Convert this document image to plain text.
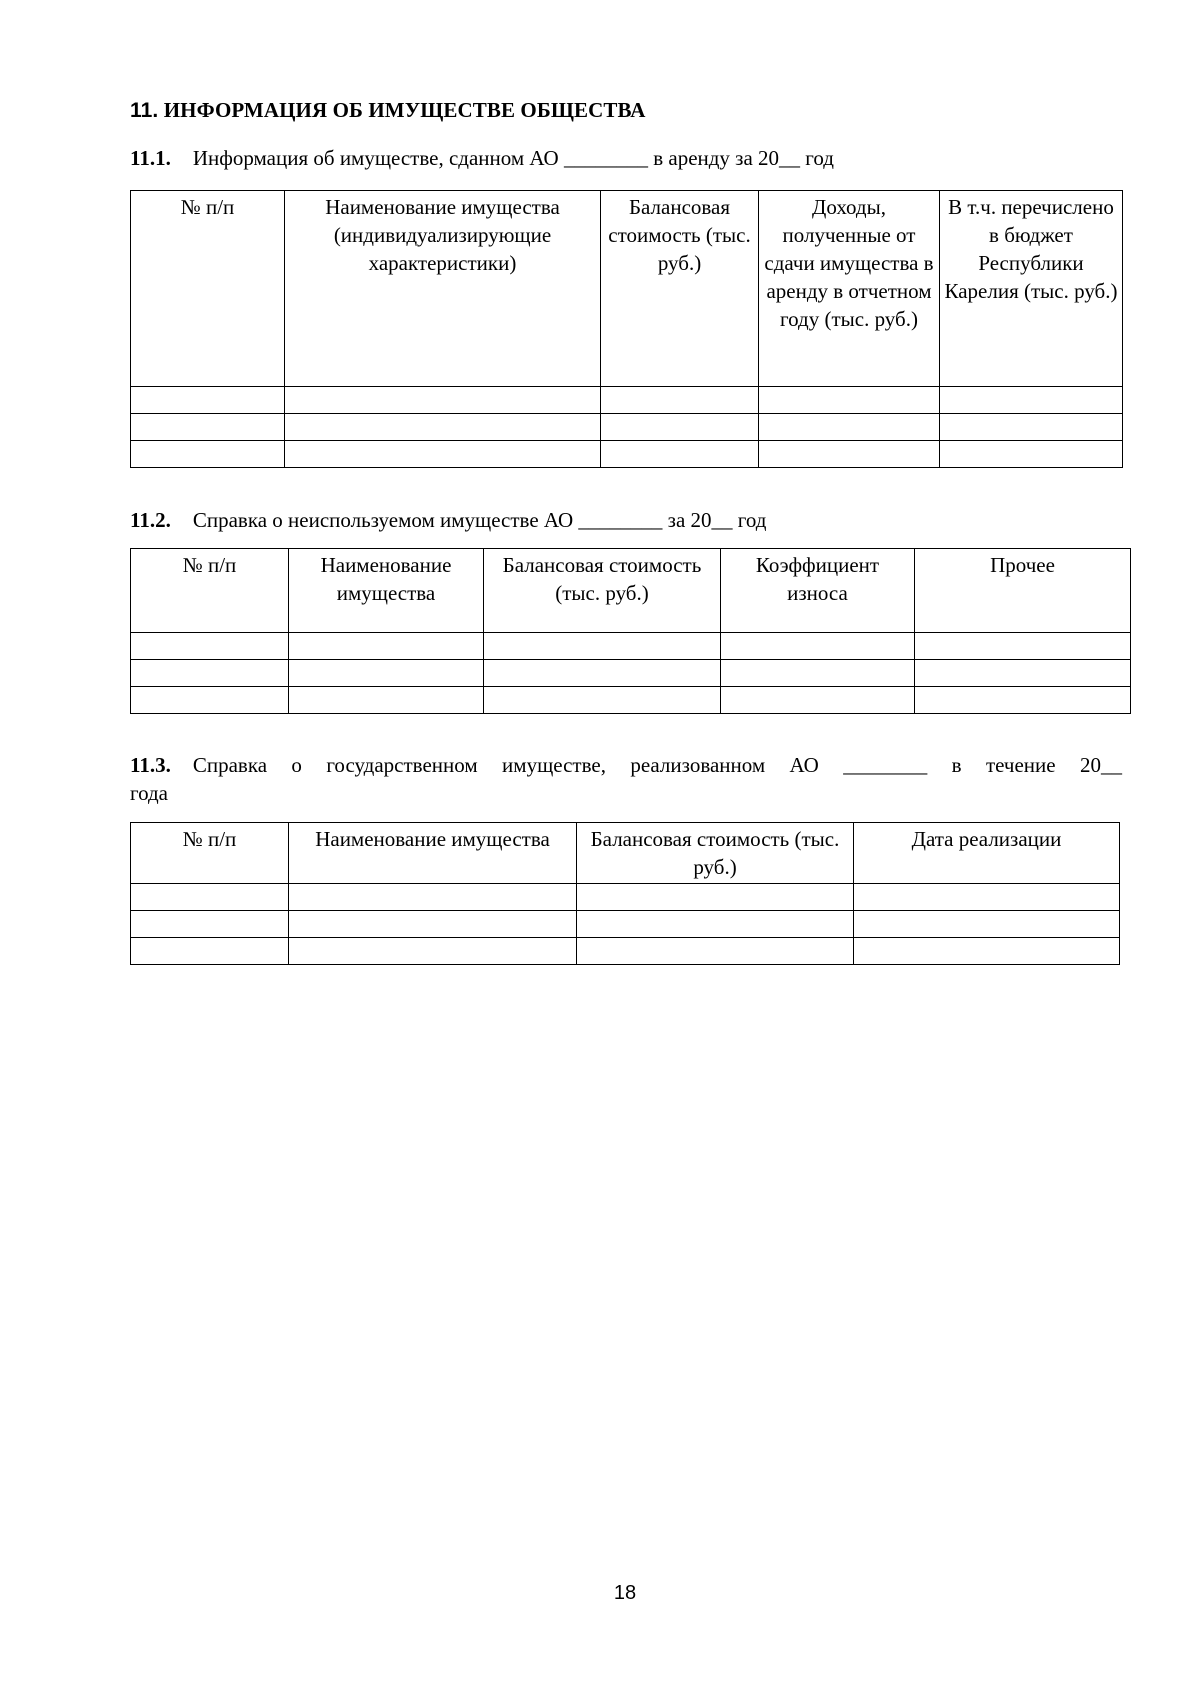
11. ИНФОРМАЦИЯ ОБ ИМУЩЕСТВЕ ОБЩЕСТВА
11.1. Информация об имуществе, сданном АО ________ в аренду за 20__ год
№ п/п	Наименование имущества (индивидуализирующие характеристики)	Балансовая стоимость (тыс. руб.)	Доходы, полученные от сдачи имущества в аренду в отчетном году (тыс. руб.)	В т.ч. перечислено в бюджет Республики Карелия (тыс. руб.)

11.2. Справка о неиспользуемом имуществе АО ________ за 20__ год
№ п/п	Наименование имущества	Балансовая стоимость (тыс. руб.)	Коэффициент износа	Прочее

11.3. Справка о государственном имуществе, реализованном АО ________ в течение 20__
года
№ п/п	Наименование имущества	Балансовая стоимость (тыс. руб.)	Дата реализации

18
